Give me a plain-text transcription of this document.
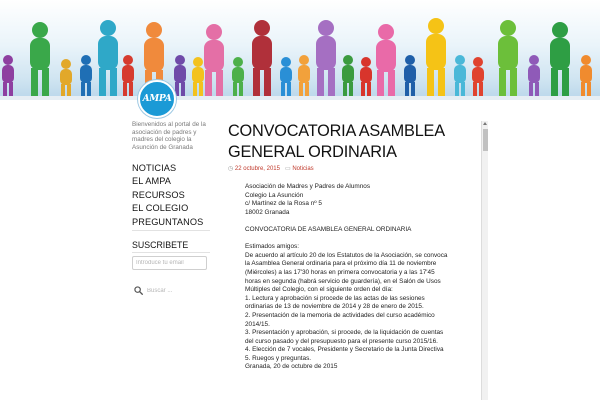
AMPA

Bienvenidos al portal de la asociación de padres y madres del colegio la Asunción de Granada

NOTICIAS
EL AMPA
RECURSOS
EL COLEGIO
PREGUNTANOS
SUSCRIBETE
Introduce tu email
Buscar ...
CONVOCATORIA ASAMBLEA GENERAL ORDINARIA
◷ 22 octubre, 2015 ▭ Noticias

Asociación de Madres y Padres de Alumnos

Colegio La Asunción

c/ Martínez de la Rosa nº 5

18002 Granada

CONVOCATORIA DE ASAMBLEA GENERAL ORDINARIA

Estimados amigos:

De acuerdo al artículo 20 de los Estatutos de la Asociación, se convoca

la Asamblea General ordinaria para el próximo día 11 de noviembre

(Miércoles) a las 17'30 horas en primera convocatoria y a las 17'45

horas en segunda (habrá servicio de guardería), en el Salón de Usos

Múltiples del Colegio, con el siguiente orden del día:

1. Lectura y aprobación si procede de las actas de las sesiones

ordinarias de 13 de noviembre de 2014 y 28 de enero de 2015.

2. Presentación de la memoria de actividades del curso académico

2014/15.

3. Presentación y aprobación, si procede, de la liquidación de cuentas

del curso pasado y del presupuesto para el presente curso 2015/16.

4. Elección de 7 vocales, Presidente y Secretario de la Junta Directiva

5. Ruegos y preguntas.

Granada, 20 de octubre de 2015
